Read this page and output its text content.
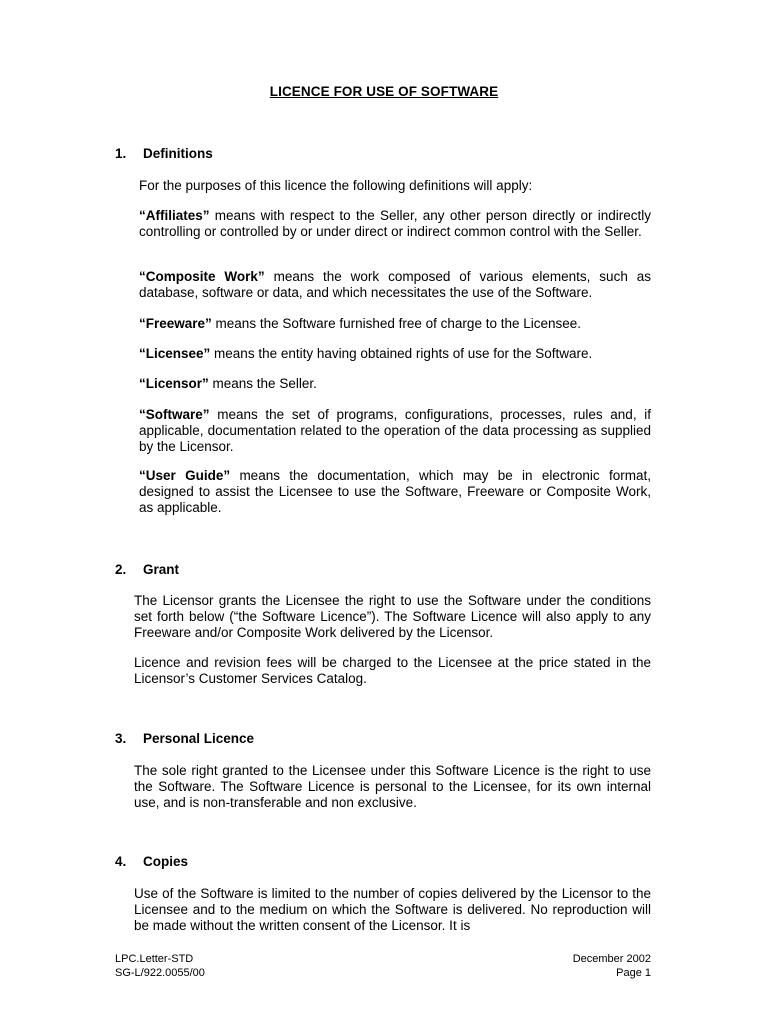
LICENCE FOR USE OF SOFTWARE
1. Definitions
For the purposes of this licence the following definitions will apply:
“Affiliates” means with respect to the Seller, any other person directly or indirectly controlling or controlled by or under direct or indirect common control with the Seller.
“Composite Work” means the work composed of various elements, such as database, software or data, and which necessitates the use of the Software.
“Freeware” means the Software furnished free of charge to the Licensee.
“Licensee” means the entity having obtained rights of use for the Software.
“Licensor” means the Seller.
“Software” means the set of programs, configurations, processes, rules and, if applicable, documentation related to the operation of the data processing as supplied by the Licensor.
“User Guide” means the documentation, which may be in electronic format, designed to assist the Licensee to use the Software, Freeware or Composite Work, as applicable.
2. Grant
The Licensor grants the Licensee the right to use the Software under the conditions set forth below (“the Software Licence”). The Software Licence will also apply to any Freeware and/or Composite Work delivered by the Licensor.
Licence and revision fees will be charged to the Licensee at the price stated in the Licensor’s Customer Services Catalog.
3. Personal Licence
The sole right granted to the Licensee under this Software Licence is the right to use the Software. The Software Licence is personal to the Licensee, for its own internal use, and is non-transferable and non exclusive.
4. Copies
Use of the Software is limited to the number of copies delivered by the Licensor to the Licensee and to the medium on which the Software is delivered. No reproduction will be made without the written consent of the Licensor. It is
LPC.Letter-STD
SG-L/922.0055/00
December 2002
Page 1
